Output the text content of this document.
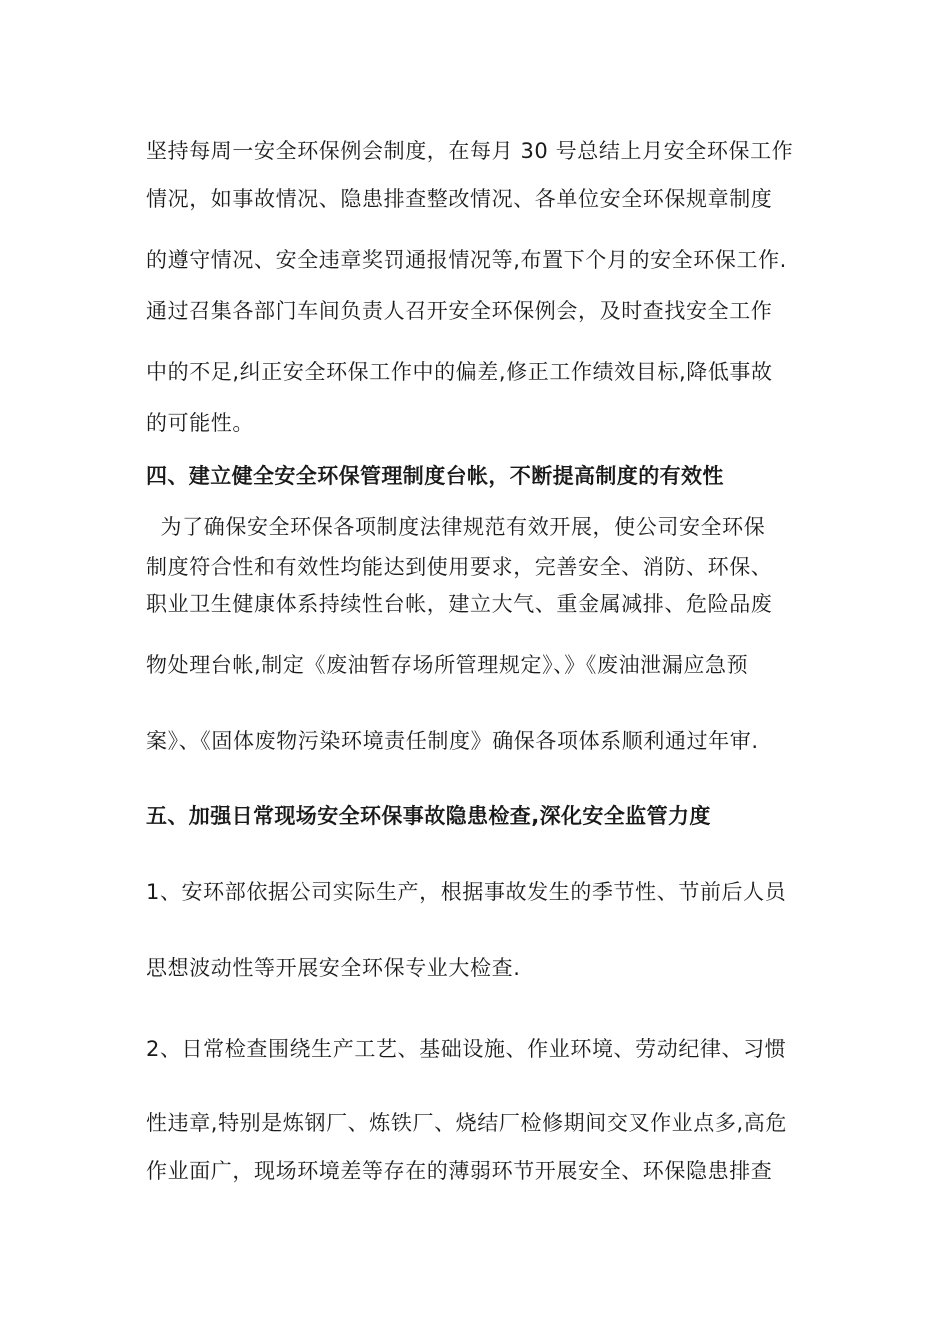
坚持每周一安全环保例会制度，在每月 30 号总结上月安全环保工作
情况，如事故情况、隐患排查整改情况、各单位安全环保规章制度
的遵守情况、安全违章奖罚通报情况等,布置下个月的安全环保工作.
通过召集各部门车间负责人召开安全环保例会，及时查找安全工作
中的不足,纠正安全环保工作中的偏差,修正工作绩效目标,降低事故
的可能性。
四、建立健全安全环保管理制度台帐，不断提高制度的有效性
为了确保安全环保各项制度法律规范有效开展，使公司安全环保
制度符合性和有效性均能达到使用要求，完善安全、消防、环保、
职业卫生健康体系持续性台帐，建立大气、重金属减排、危险品废
物处理台帐,制定《废油暂存场所管理规定》、》《废油泄漏应急预
案》、《固体废物污染环境责任制度》确保各项体系顺利通过年审.
五、加强日常现场安全环保事故隐患检查,深化安全监管力度
1、安环部依据公司实际生产，根据事故发生的季节性、节前后人员
思想波动性等开展安全环保专业大检查.
2、日常检查围绕生产工艺、基础设施、作业环境、劳动纪律、习惯
性违章,特别是炼钢厂、炼铁厂、烧结厂检修期间交叉作业点多,高危
作业面广，现场环境差等存在的薄弱环节开展安全、环保隐患排查
